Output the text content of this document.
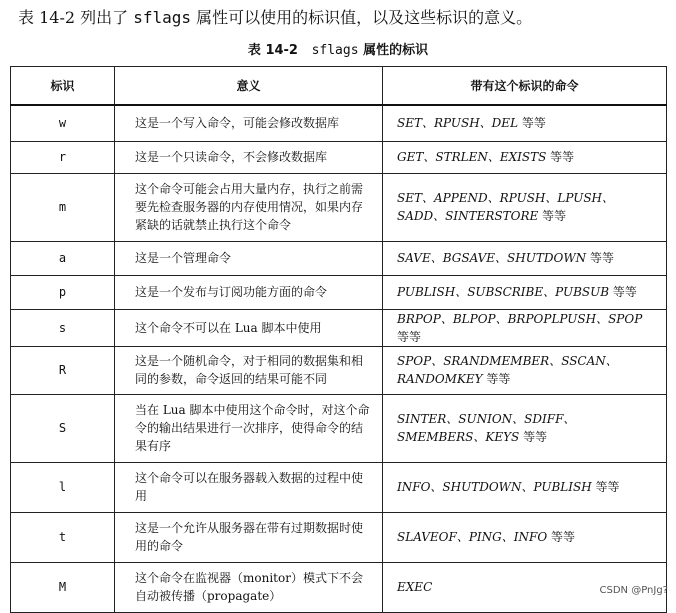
表 14-2 列出了 sflags 属性可以使用的标识值，以及这些标识的意义。
表 14-2 sflags 属性的标识
标识	意义	带有这个标识的命令
w	这是一个写入命令，可能会修改数据库	SET、RPUSH、DEL 等等
r	这是一个只读命令，不会修改数据库	GET、STRLEN、EXISTS 等等
m	这个命令可能会占用大量内存，执行之前需要先检查服务器的内存使用情况，如果内存紧缺的话就禁止执行这个命令	SET、APPEND、RPUSH、LPUSH、SADD、SINTERSTORE 等等
a	这是一个管理命令	SAVE、BGSAVE、SHUTDOWN 等等
p	这是一个发布与订阅功能方面的命令	PUBLISH、SUBSCRIBE、PUBSUB 等等
s	这个命令不可以在 Lua 脚本中使用	BRPOP、BLPOP、BRPOPLPUSH、SPOP 等等
R	这是一个随机命令，对于相同的数据集和相同的参数，命令返回的结果可能不同	SPOP、SRANDMEMBER、SSCAN、RANDOMKEY 等等
S	当在 Lua 脚本中使用这个命令时，对这个命令的输出结果进行一次排序，使得命令的结果有序	SINTER、SUNION、SDIFF、SMEMBERS、KEYS 等等
l	这个命令可以在服务器载入数据的过程中使用	INFO、SHUTDOWN、PUBLISH 等等
t	这是一个允许从服务器在带有过期数据时使用的命令	SLAVEOF、PING、INFO 等等
M	这个命令在监视器（monitor）模式下不会自动被传播（propagate）	EXEC	CSDN @PnJg?
